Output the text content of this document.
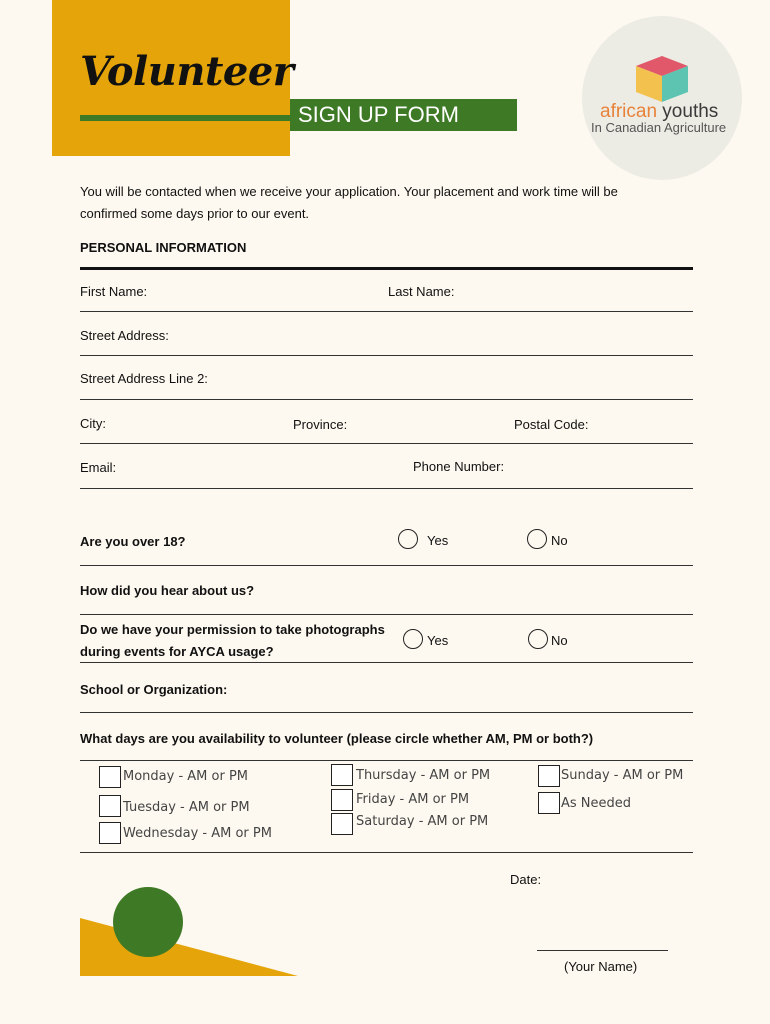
Volunteer
SIGN UP FORM	african youths
In Canadian Agriculture
You will be contacted when we receive your application. Your placement and work time will be confirmed some days prior to our event.
PERSONAL INFORMATION
First Name:	Last Name:
Street Address:
Street Address Line 2:
City:	Province:	Postal Code:
Email:	Phone Number:
Are you over 18?	Yes	No
How did you hear about us?
Do we have your permission to take photographs
during events for AYCA usage?
Yes	No
School or Organization:
What days are you availability to volunteer (please circle whether AM, PM or both?)
Monday - AM or PM
Tuesday - AM or PM
Wednesday - AM or PM
Thursday - AM or PM
Friday - AM or PM
Saturday - AM or PM
Sunday - AM or PM
As Needed
Date:
(Your Name)
